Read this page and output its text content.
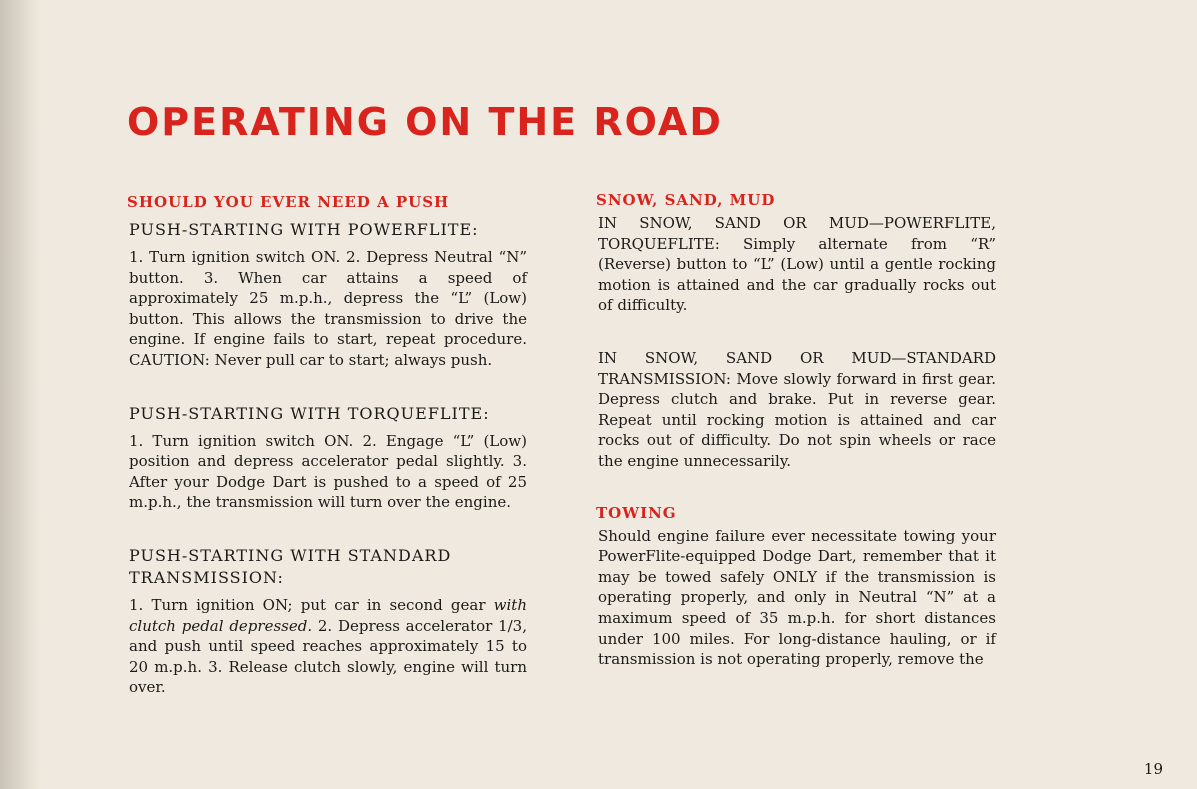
OPERATING ON THE ROAD

SHOULD YOU EVER NEED A PUSH

PUSH-STARTING WITH POWERFLITE:

1. Turn ignition switch ON. 2. Depress Neutral “N” button. 3. When car attains a speed of approximately 25 m.p.h., depress the “L” (Low) button. This allows the transmission to drive the engine. If engine fails to start, repeat procedure. CAUTION: Never pull car to start; always push.

PUSH-STARTING WITH TORQUEFLITE:

1. Turn ignition switch ON. 2. Engage “L” (Low) position and depress accelerator pedal slightly. 3. After your Dodge Dart is pushed to a speed of 25 m.p.h., the transmission will turn over the engine.

PUSH-STARTING WITH STANDARD TRANSMISSION:

1. Turn ignition ON; put car in second gear with clutch pedal depressed. 2. Depress accelerator 1/3, and push until speed reaches approximately 15 to 20 m.p.h. 3. Release clutch slowly, engine will turn over.

SNOW, SAND, MUD

IN SNOW, SAND OR MUD—POWERFLITE, TORQUEFLITE: Simply alternate from “R” (Reverse) button to “L” (Low) until a gentle rocking motion is attained and the car gradually rocks out of difficulty.

IN SNOW, SAND OR MUD—STANDARD TRANSMISSION: Move slowly forward in first gear. Depress clutch and brake. Put in reverse gear. Repeat until rocking motion is attained and car rocks out of difficulty. Do not spin wheels or race the engine unnecessarily.

TOWING

Should engine failure ever necessitate towing your PowerFlite-equipped Dodge Dart, remember that it may be towed safely ONLY if the transmission is operating properly, and only in Neutral “N” at a maximum speed of 35 m.p.h. for short distances under 100 miles. For long-distance hauling, or if transmission is not operating properly, remove the

19
